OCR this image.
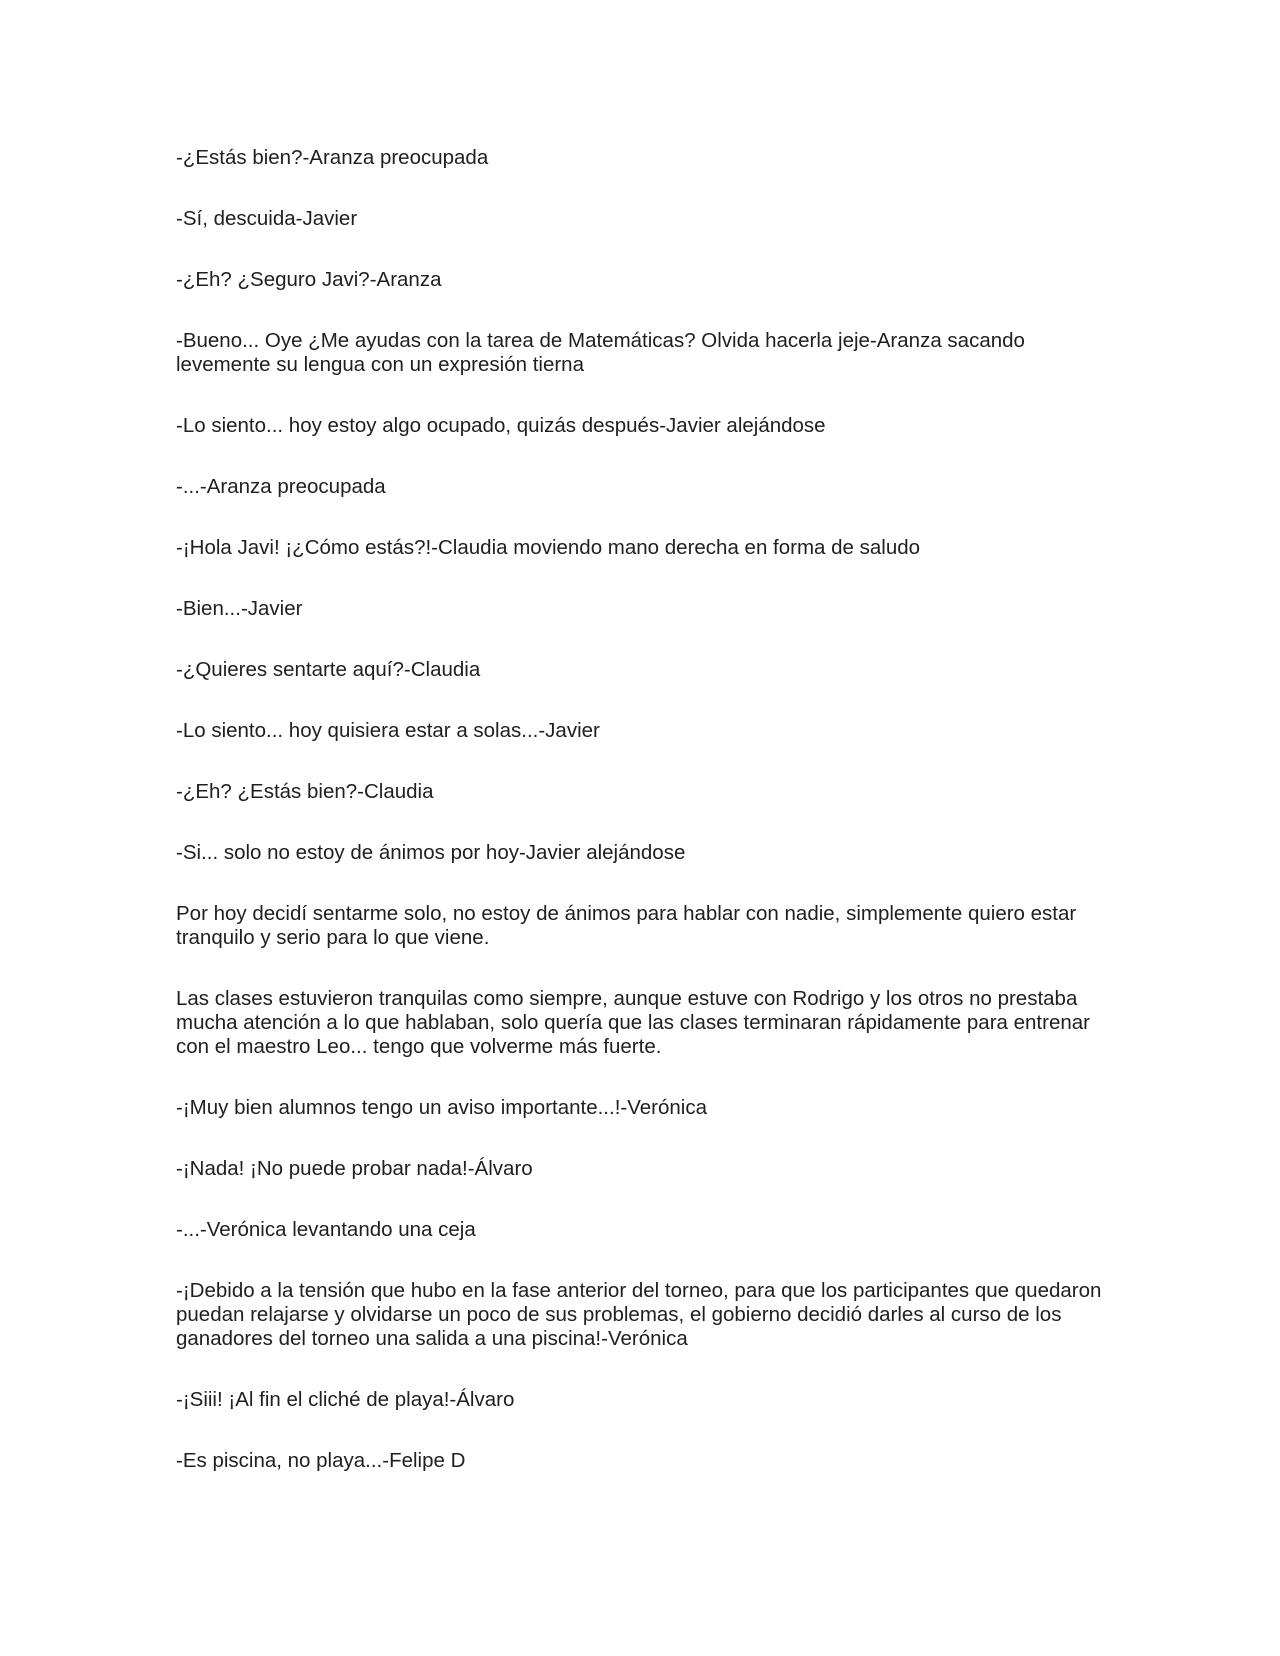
-¿Estás bien?-Aranza preocupada

-Sí, descuida-Javier

-¿Eh? ¿Seguro Javi?-Aranza

-Bueno... Oye ¿Me ayudas con la tarea de Matemáticas? Olvida hacerla jeje-Aranza sacando levemente su lengua con un expresión tierna

-Lo siento... hoy estoy algo ocupado, quizás después-Javier alejándose

-...-Aranza preocupada

-¡Hola Javi! ¡¿Cómo estás?!-Claudia moviendo mano derecha en forma de saludo

-Bien...-Javier

-¿Quieres sentarte aquí?-Claudia

-Lo siento... hoy quisiera estar a solas...-Javier

-¿Eh? ¿Estás bien?-Claudia

-Si... solo no estoy de ánimos por hoy-Javier alejándose

Por hoy decidí sentarme solo, no estoy de ánimos para hablar con nadie, simplemente quiero estar tranquilo y serio para lo que viene.

Las clases estuvieron tranquilas como siempre, aunque estuve con Rodrigo y los otros no prestaba mucha atención a lo que hablaban, solo quería que las clases terminaran rápidamente para entrenar con el maestro Leo... tengo que volverme más fuerte.

-¡Muy bien alumnos tengo un aviso importante...!-Verónica

-¡Nada! ¡No puede probar nada!-Álvaro

-...-Verónica levantando una ceja

-¡Debido a la tensión que hubo en la fase anterior del torneo, para que los participantes que quedaron puedan relajarse y olvidarse un poco de sus problemas, el gobierno decidió darles al curso de los ganadores del torneo una salida a una piscina!-Verónica

-¡Siii! ¡Al fin el cliché de playa!-Álvaro

-Es piscina, no playa...-Felipe D
